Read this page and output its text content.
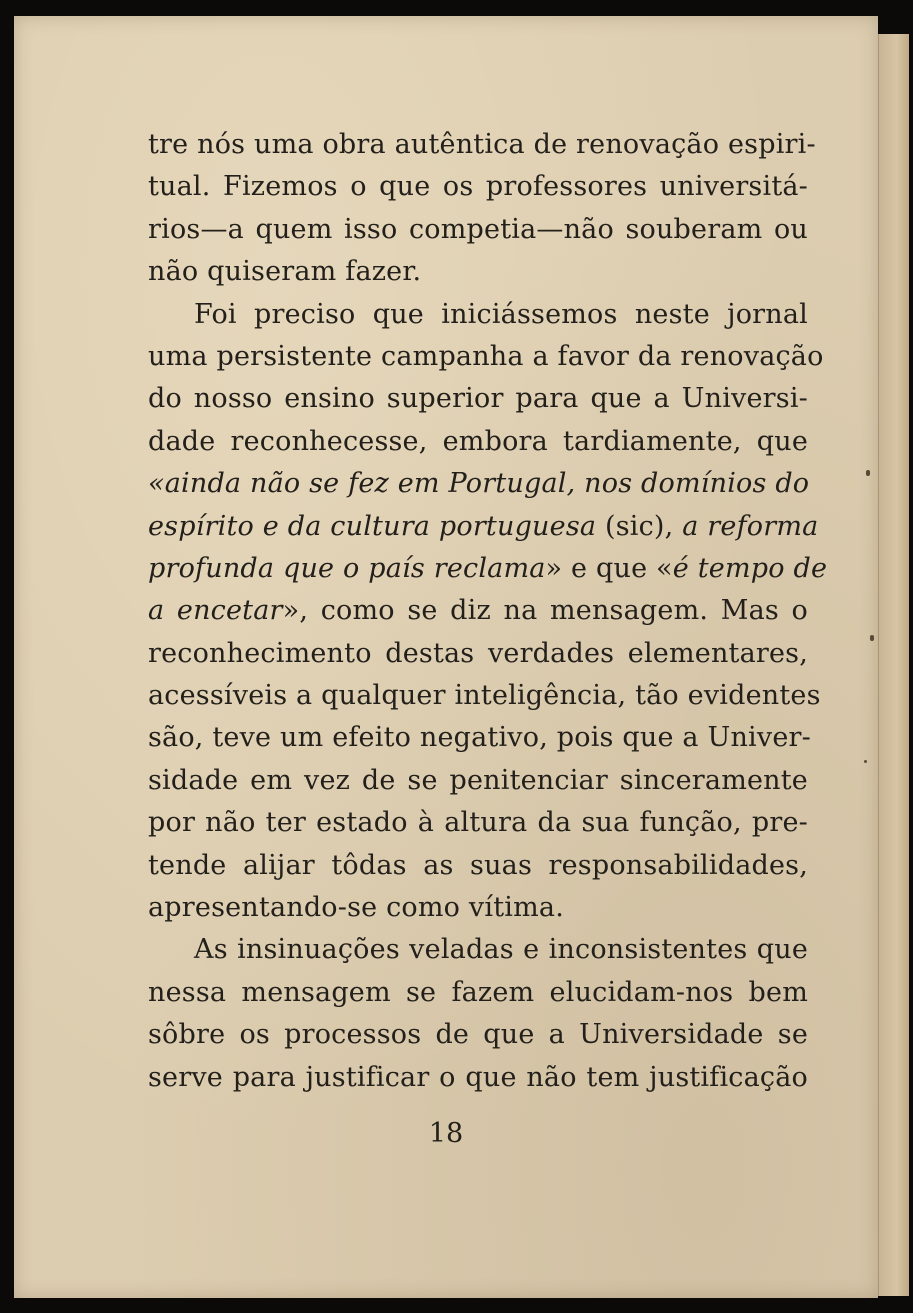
tre nós uma obra autêntica de renovação espiri-
tual. Fizemos o que os professores universitá-
rios—a quem isso competia—não souberam ou
não quiseram fazer.
Foi preciso que iniciássemos neste jornal
uma persistente campanha a favor da renovação
do nosso ensino superior para que a Universi-
dade reconhecesse, embora tardiamente, que
«ainda não se fez em Portugal, nos domínios do
espírito e da cultura portuguesa (sic), a reforma
profunda que o país reclama» e que «é tempo de
a encetar», como se diz na mensagem. Mas o
reconhecimento destas verdades elementares,
acessíveis a qualquer inteligência, tão evidentes
são, teve um efeito negativo, pois que a Univer-
sidade em vez de se penitenciar sinceramente
por não ter estado à altura da sua função, pre-
tende alijar tôdas as suas responsabilidades,
apresentando-se como vítima.
As insinuações veladas e inconsistentes que
nessa mensagem se fazem elucidam-nos bem
sôbre os processos de que a Universidade se
serve para justificar o que não tem justificação
18
